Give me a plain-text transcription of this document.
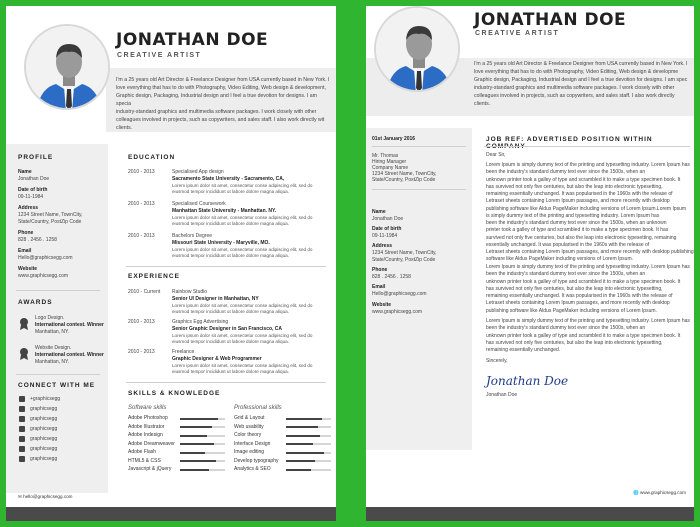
JONATHAN DOE
CREATIVE ARTIST
I'm a 25 years old Art Director & Freelance Designer from USA currently based in New York. I
love everything that has to do with Photography, Video Editing, Web design & development,
Graphic design, Packaging, Industrial design and I feel a true devotion for designs. I am specia
industry-standard graphics and multimedia software packages. I work closely with other
colleagues involved in projects, such as copywriters, and sales staff. I also work directly wit
clients.
PROFILE
Name
Jonathan Doe
Date of birth
09-11-1984
Address
1234 Street Name, TownCity,
State/Country, PostZip Code
Phone
828 . 2456 . 1258
Email
Hello@graphicsegg.com
Website
www.graphicsegg.com
AWARDS
Logo Design.
International contest. Winner
Manhattan, NY.
Website Design.
International contest. Winner
Manhattan, NY.
CONNECT WITH ME
+graphicsegg
graphicsegg
graphicsegg
graphicsegg
graphicsegg
graphicsegg
graphicsegg
EDUCATION
2010 - 2013	Specialised App design
Sacramento State University - Sacramento, CA,
Lorem ipsum dolor sit amet, consectetur conse adipiscing elit, sed do
eiusmod tempor incididunt ut labore dolore magna aliqua.
2010 - 2013	Specialised Coursework
Manhattan State University - Manhattan. NY.
Lorem ipsum dolor sit amet, consectetur conse adipiscing elit, sed do
eiusmod tempor incididunt ut labore dolore magna aliqua.
2010 - 2013	Bachelors Degree
Missouri State University - Maryville, MO.
Lorem ipsum dolor sit amet, consectetur conse adipiscing elit, sed do
eiusmod tempor incididunt ut labore dolore magna aliqua.
EXPERIENCE
2010 - Current Rainbow Studio
Senior UI Designer in Manhattan, NY
Lorem ipsum dolor sit amet, consectetur conse adipiscing elit, sed do
eiusmod tempor incididunt ut labore dolore magna aliqua.
2010 - 2013	Graphics Egg Advertising
Senior Graphic Designer in San Francisco, CA
Lorem ipsum dolor sit amet, consectetur conse adipiscing elit, sed do
eiusmod tempor incididunt ut labore dolore magna aliqua.
2010 - 2013	Freelance
Graphic Designer & Web Programmer
Lorem ipsum dolor sit amet, consectetur conse adipiscing elit, sed do
eiusmod tempor incididunt ut labore dolore magna aliqua.
SKILLS & KNOWLEDGE
Software skills	Professional skills
Adobe Photoshop
Adobe Illustrator
Adobe Indesign
Adobe Dreamweaver
Adobe Flash
HTML5 & CSS
Javascript & jQuery
Grid & Layout
Web usability
Color theory
Interface Design
Image editing
Develop typography
Analytics & SEO
✉ hello@graphicsegg.com
JONATHAN DOE
CREATIVE ARTIST
I'm a 25 years old Art Director & Freelance Designer from USA currently based in New York. I
love everything that has to do with Photography, Video Editing, Web design & developme
Graphic design, Packaging, Industrial design and I feel a true devotion for designs. I am spec
industry-standard graphics and multimedia software packages. I work closely with other
colleagues involved in projects, such as copywriters, and sales staff. I also work directly
clients.
01st January 2016
Mr. Thomas
Hiring Manager
Company Name
1234 Street Name, TownCity,
State/Country, PostZip Code
Name
Jonathan Doe
Date of birth
09-11-1984
Address
1234 Street Name, TownCity,
State/Country, PostZip Code
Phone
828 . 2456 . 1258
Email
Hello@graphicsegg.com
Website
www.graphicsegg.com
JOB REF: ADVERTISED POSITION WITHIN
Dear Sir,
Lorem Ipsum is simply dummy text of the printing and typesetting industry. Lorem Ipsum has
been the industry's standard dummy text ever since the 1500s, when an
unknown printer took a galley of type and scrambled it to make a type specimen book. It
has survived not only five centuries, but also the leap into electronic typesetting,
remaining essentially unchanged. It was popularised in the 1960s with the release of
Letraset sheets containing Lorem Ipsum passages, and more recently with desktop
publishing software like Aldus PageMaker including versions of Lorem Ipsum.Lorem Ipsum
is simply dummy text of the printing and typesetting industry. Lorem Ipsum has
been the industry's standard dummy text ever since the 1500s, when an unknown
printer took a galley of type and scrambled it to make a type specimen book. It has
survived not only five centuries, but also the leap into electronic typesetting, remaining
essentially unchanged. It was popularised in the 1960s with the release of
Letraset sheets containing Lorem Ipsum passages, and more recently with desktop publishing
software like Aldus PageMaker including versions of Lorem Ipsum.
Lorem Ipsum is simply dummy text of the printing and typesetting industry. Lorem Ipsum has
been the industry's standard dummy text ever since the 1500s, when an
unknown printer took a galley of type and scrambled it to make a type specimen book. It
has survived not only five centuries, but also the leap into electronic typesetting,
remaining essentially unchanged. It was popularised in the 1960s with the release of
Letraset sheets containing Lorem Ipsum passages, and more recently with desktop
publishing software like Aldus PageMaker including versions of Lorem Ipsum.
Lorem Ipsum is simply dummy text of the printing and typesetting industry. Lorem Ipsum has
been the industry's standard dummy text ever since the 1500s, when an
unknown printer took a galley of type and scrambled it to make a type specimen book. It
has survived not only five centuries, but also the leap into electronic typesetting,
remaining essentially unchanged.
Sincerely,
Jonathan Doe
Jonathan Doe
🌐 www.graphicsegg.com
